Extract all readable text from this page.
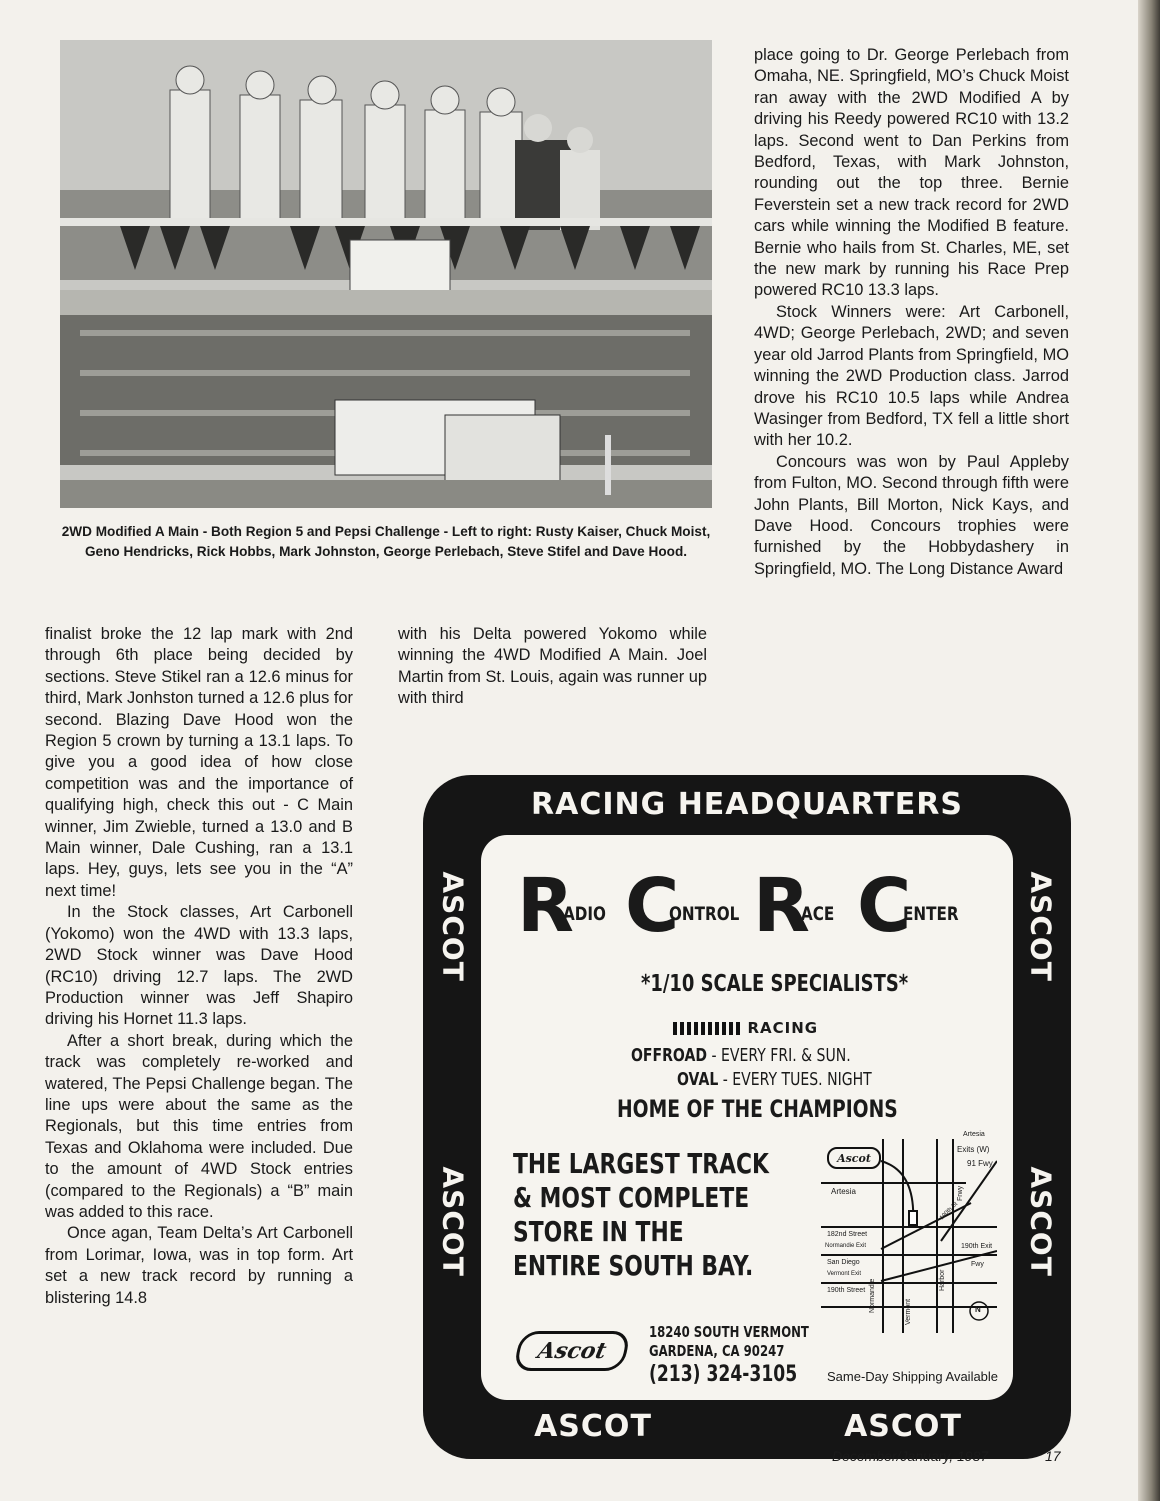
2WD Modified A Main - Both Region 5 and Pepsi Challenge - Left to right: Rusty Kaiser, Chuck Moist, Geno Hendricks, Rick Hobbs, Mark Johnston, George Perlebach, Steve Stifel and Dave Hood.

finalist broke the 12 lap mark with 2nd through 6th place being decided by sections. Steve Stikel ran a 12.6 minus for third, Mark Jonhston turned a 12.6 plus for second. Blazing Dave Hood won the Region 5 crown by turning a 13.1 laps. To give you a good idea of how close competition was and the importance of qualifying high, check this out - C Main winner, Jim Zwieble, turned a 13.0 and B Main winner, Dale Cushing, ran a 13.1 laps. Hey, guys, lets see you in the “A” next time!

In the Stock classes, Art Carbonell (Yokomo) won the 4WD with 13.3 laps, 2WD Stock winner was Dave Hood (RC10) driving 12.7 laps. The 2WD Production winner was Jeff Shapiro driving his Hornet 11.3 laps.

After a short break, during which the track was completely re-worked and watered, The Pepsi Challenge began. The line ups were about the same as the Regionals, but this time entries from Texas and Oklahoma were included. Due to the amount of 4WD Stock entries (compared to the Regionals) a “B” main was added to this race.

Once agan, Team Delta’s Art Carbonell from Lorimar, Iowa, was in top form. Art set a new track record by running a blistering 14.8

with his Delta powered Yokomo while winning the 4WD Modified A Main. Joel Martin from St. Louis, again was runner up with third

place going to Dr. George Perlebach from Omaha, NE. Springfield, MO’s Chuck Moist ran away with the 2WD Modified A by driving his Reedy powered RC10 with 13.2 laps. Second went to Dan Perkins from Bedford, Texas, with Mark Johnston, rounding out the top three. Bernie Feverstein set a new track record for 2WD cars while winning the Modified B feature. Bernie who hails from St. Charles, ME, set the new mark by running his Race Prep powered RC10 13.3 laps.

Stock Winners were: Art Carbonell, 4WD; George Perlebach, 2WD; and seven year old Jarrod Plants from Springfield, MO winning the 2WD Production class. Jarrod drove his RC10 10.5 laps while Andrea Wasinger from Bedford, TX fell a little short with her 10.2.

Concours was won by Paul Appleby from Fulton, MO. Second through fifth were John Plants, Bill Morton, Nick Kays, and Dave Hood. Concours trophies were furnished by the Hobbydashery in Springfield, MO. The Long Distance Award

RACING HEADQUARTERS
ASCOT
ASCOT
ASCOT
ASCOT
ASCOT	ASCOT
R
ADIO C
ONTROL R
ACE C
ENTER
*1/10 SCALE SPECIALISTS*
RACING
OFFROAD - EVERY FRI. & SUN.
OVAL - EVERY TUES. NIGHT
HOME OF THE CHAMPIONS
THE LARGEST TRACK
& MOST COMPLETE
STORE IN THE
ENTIRE SOUTH BAY.
Ascot
18240 SOUTH VERMONT
GARDENA, CA 90247
(213) 324-3105
Ascot
Artesia
Exits (W)
91 Fwy
Artesia
182nd Street
Normandie Exit	190th Exit
San Diego
Vermont Exit
Fwy
190th Street Normandie	Vermont
Harbor
Frwy
190th St
N
Same-Day Shipping Available
December/January, 1987	17
